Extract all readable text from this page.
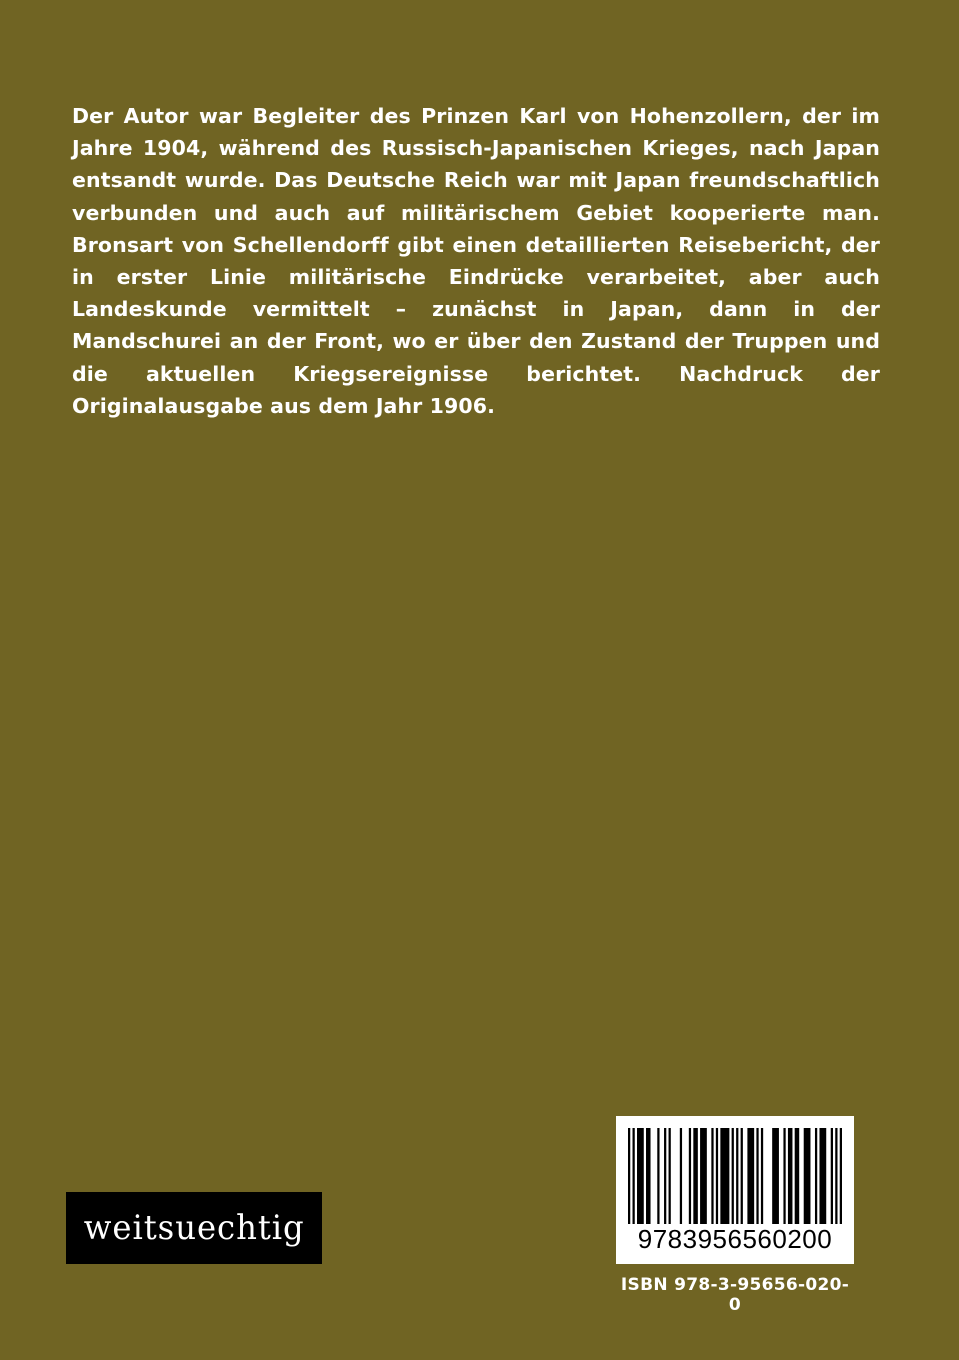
Der Autor war Begleiter des Prinzen Karl von Hohenzollern, der im Jahre 1904, während des Russisch-Japanischen Krieges, nach Japan entsandt wurde. Das Deutsche Reich war mit Japan freundschaftlich verbunden und auch auf militärischem Gebiet kooperierte man. Bronsart von Schellendorff gibt einen detaillierten Reisebericht, der in erster Linie militärische Eindrücke verarbeitet, aber auch Landeskunde vermittelt – zunächst in Japan, dann in der Mandschurei an der Front, wo er über den Zustand der Truppen und die aktuellen Kriegsereignisse berichtet. Nachdruck der Originalausgabe aus dem Jahr 1906.

weitsuechtig	9783956560200
ISBN 978-3-95656-020-0
